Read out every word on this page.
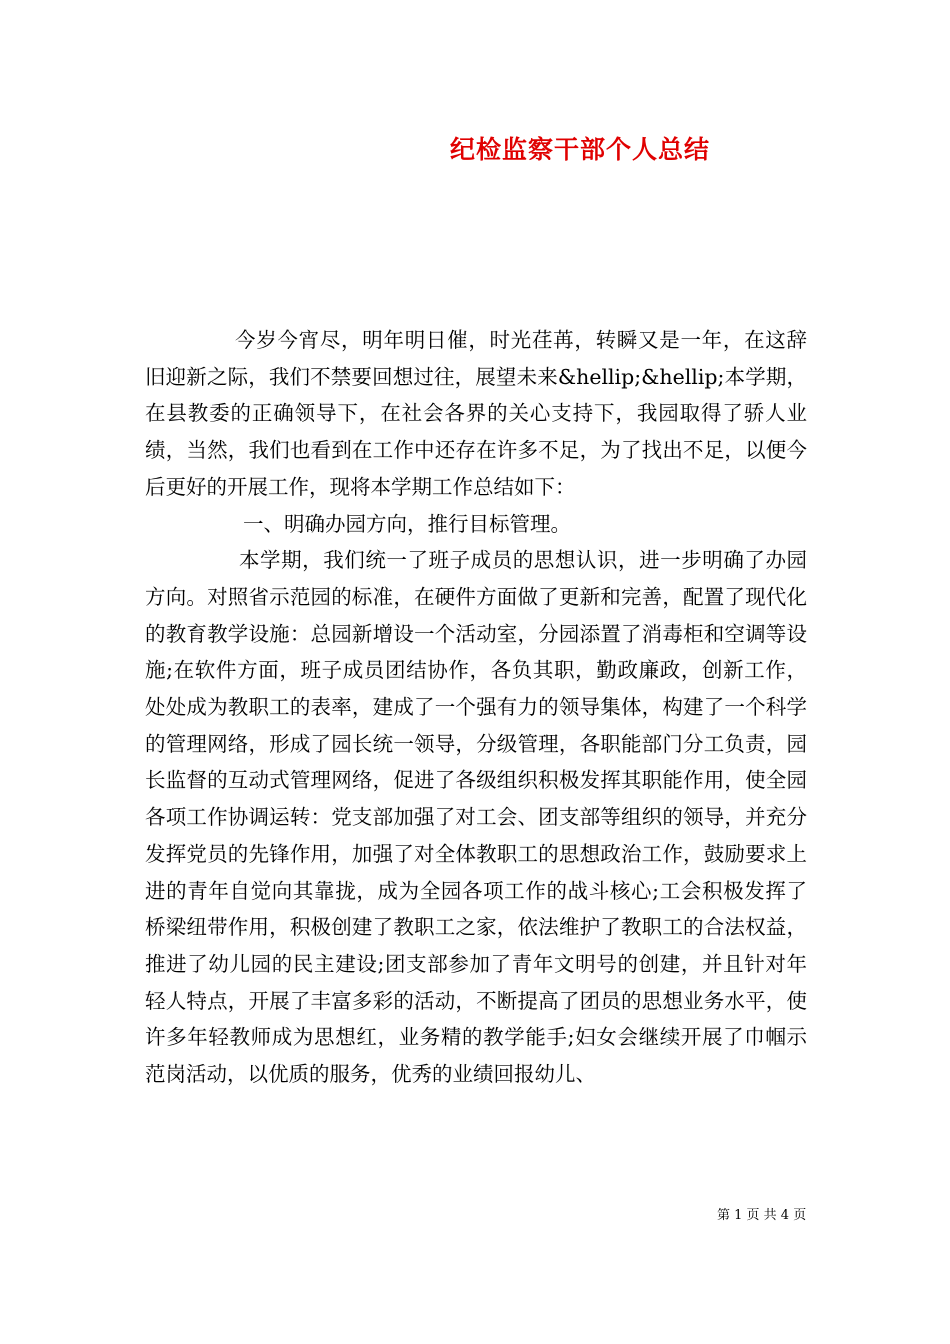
纪检监察干部个人总结

今岁今宵尽，明年明日催，时光荏苒，转瞬又是一年，在这辞旧迎新之际，我们不禁要回想过往，展望未来&hellip;&hellip;本学期，在县教委的正确领导下，在社会各界的关心支持下，我园取得了骄人业绩，当然，我们也看到在工作中还存在许多不足，为了找出不足，以便今后更好的开展工作，现将本学期工作总结如下：

一、明确办园方向，推行目标管理。

本学期，我们统一了班子成员的思想认识，进一步明确了办园方向。对照省示范园的标准，在硬件方面做了更新和完善，配置了现代化的教育教学设施：总园新增设一个活动室，分园添置了消毒柜和空调等设施;在软件方面，班子成员团结协作，各负其职，勤政廉政，创新工作，处处成为教职工的表率，建成了一个强有力的领导集体，构建了一个科学的管理网络，形成了园长统一领导，分级管理，各职能部门分工负责，园长监督的互动式管理网络，促进了各级组织积极发挥其职能作用，使全园各项工作协调运转：党支部加强了对工会、团支部等组织的领导，并充分发挥党员的先锋作用，加强了对全体教职工的思想政治工作，鼓励要求上进的青年自觉向其靠拢，成为全园各项工作的战斗核心;工会积极发挥了桥梁纽带作用，积极创建了教职工之家，依法维护了教职工的合法权益，推进了幼儿园的民主建设;团支部参加了青年文明号的创建，并且针对年轻人特点，开展了丰富多彩的活动，不断提高了团员的思想业务水平，使许多年轻教师成为思想红，业务精的教学能手;妇女会继续开展了巾帼示范岗活动，以优质的服务，优秀的业绩回报幼儿、

第 1 页 共 4 页
